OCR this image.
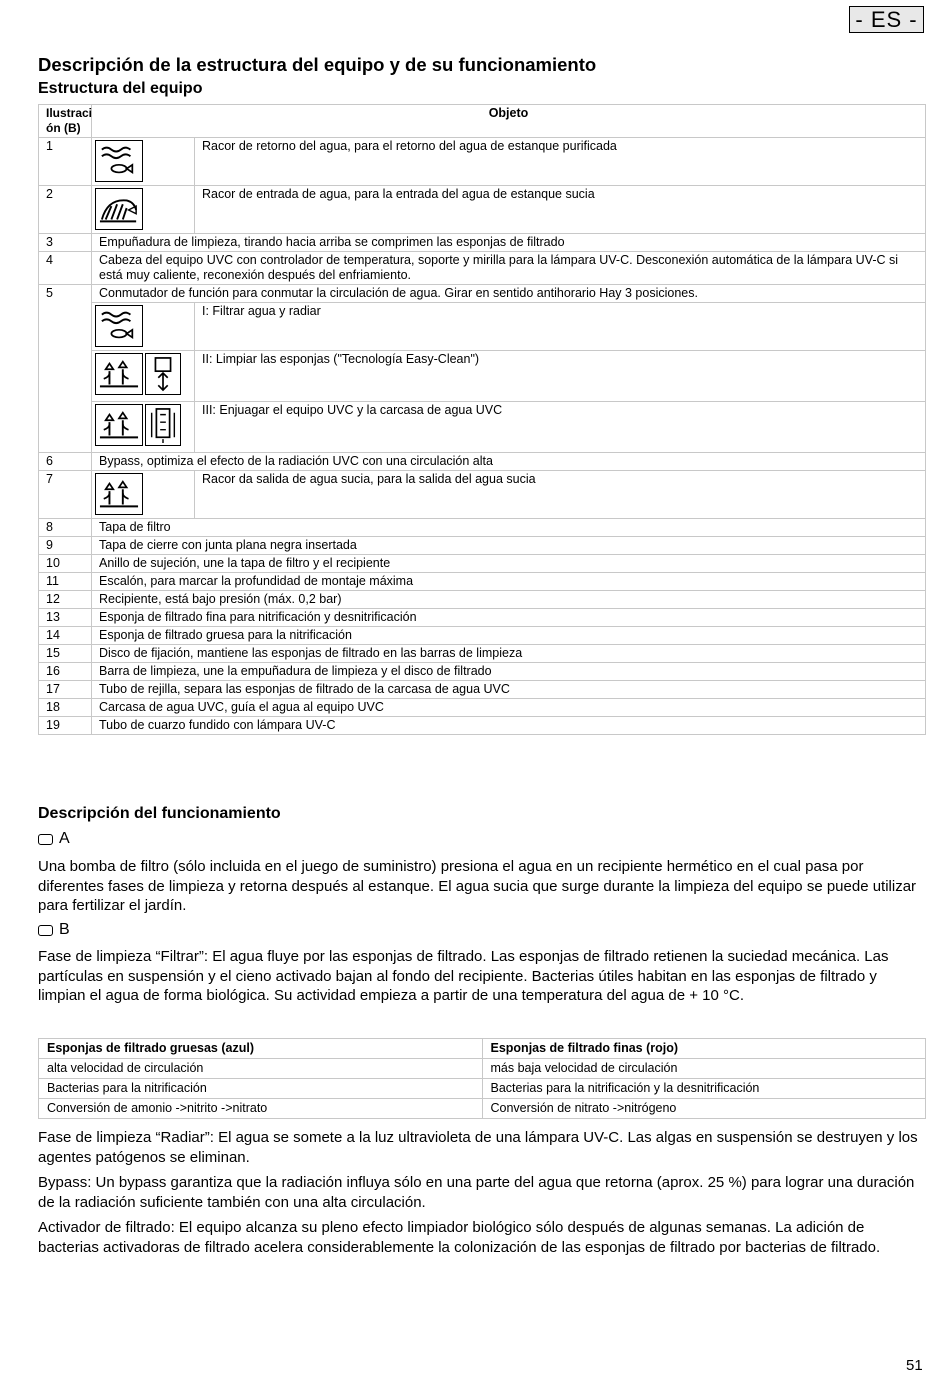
- ES -
Descripción de la estructura del equipo y de su funcionamiento
Estructura del equipo
Ilustraci ón (B)	Objeto	
1		Racor de retorno del agua, para el retorno del agua de estanque purificada
2		Racor de entrada de agua, para la entrada del agua de estanque sucia
3	Empuñadura de limpieza, tirando hacia arriba se comprimen las esponjas de filtrado	
4	Cabeza del equipo UVC con controlador de temperatura, soporte y mirilla para la lámpara UV-C. Desconexión automática de la lámpara UV-C si está muy caliente, reconexión después del enfriamiento.	
5	Conmutador de función para conmutar la circulación de agua. Girar en sentido antihorario Hay 3 posiciones.	

	I: Filtrar agua y radiar

	II: Limpiar las esponjas ("Tecnología Easy-Clean")

	III: Enjuagar el equipo UVC y la carcasa de agua UVC
6	Bypass, optimiza el efecto de la radiación UVC con una circulación alta	
7		Racor da salida de agua sucia, para la salida del agua sucia
8	Tapa de filtro	
9	Tapa de cierre con junta plana negra insertada	
10	Anillo de sujeción, une la tapa de filtro y el recipiente	
11	Escalón, para marcar la profundidad de montaje máxima	
12	Recipiente, está bajo presión (máx. 0,2 bar)	
13	Esponja de filtrado fina para nitrificación y desnitrificación	
14	Esponja de filtrado gruesa para la nitrificación	
15	Disco de fijación, mantiene las esponjas de filtrado en las barras de limpieza	
16	Barra de limpieza, une la empuñadura de limpieza y el disco de filtrado	
17	Tubo de rejilla, separa las esponjas de filtrado de la carcasa de agua UVC	
18	Carcasa de agua UVC, guía el agua al equipo UVC	
19	Tubo de cuarzo fundido con lámpara UV-C	
Descripción del funcionamiento
A

Una bomba de filtro (sólo incluida en el juego de suministro) presiona el agua en un recipiente hermético en el cual pasa por diferentes fases de limpieza y retorna después al estanque. El agua sucia que surge durante la limpieza del equipo se puede utilizar para fertilizar el jardín.

B

Fase de limpieza “Filtrar”: El agua fluye por las esponjas de filtrado. Las esponjas de filtrado retienen la suciedad mecánica. Las partículas en suspensión y el cieno activado bajan al fondo del recipiente. Bacterias útiles habitan en las esponjas de filtrado y limpian el agua de forma biológica. Su actividad empieza a partir de una temperatura del agua de + 10 °C.

Esponjas de filtrado gruesas (azul)	Esponjas de filtrado finas (rojo)
alta velocidad de circulación	más baja velocidad de circulación
Bacterias para la nitrificación	Bacterias para la nitrificación y la desnitrificación
Conversión de amonio ->nitrito ->nitrato	Conversión de nitrato ->nitrógeno

Fase de limpieza “Radiar”: El agua se somete a la luz ultravioleta de una lámpara UV-C. Las algas en suspensión se destruyen y los agentes patógenos se eliminan.

Bypass: Un bypass garantiza que la radiación influya sólo en una parte del agua que retorna (aprox. 25 %) para lograr una duración de la radiación suficiente también con una alta circulación.

Activador de filtrado: El equipo alcanza su pleno efecto limpiador biológico sólo después de algunas semanas. La adición de bacterias activadoras de filtrado acelera considerablemente la colonización de las esponjas de filtrado por bacterias de filtrado.

51
